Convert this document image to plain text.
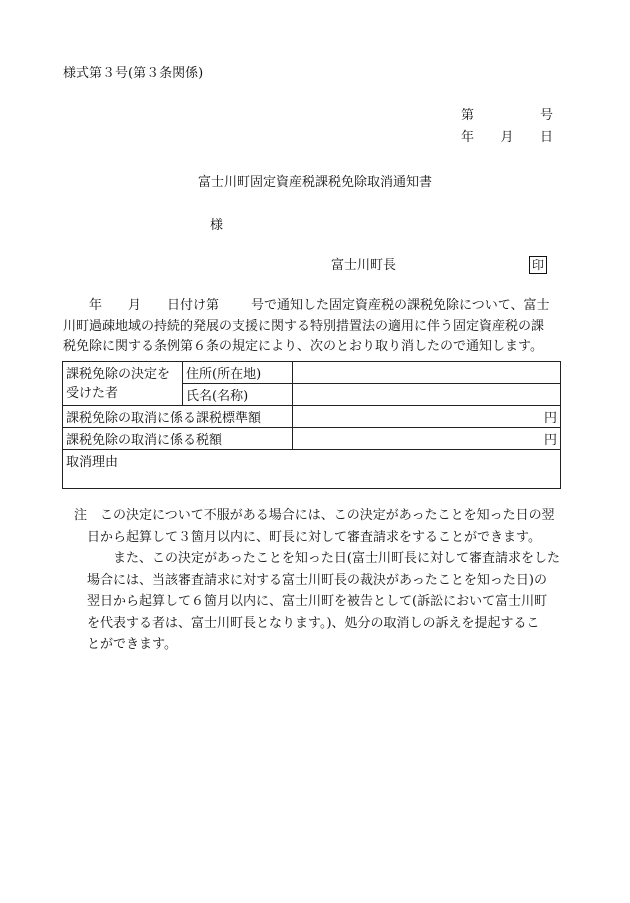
様式第３号(第３条関係)
第	号
年 月 日
富士川町固定資産税課税免除取消通知書
様
富士川町長	印
年 月 日付け第 号で通知した固定資産税の課税免除について、富士
川町過疎地域の持続的発展の支援に関する特別措置法の適用に伴う固定資産税の課
税免除に関する条例第６条の規定により、次のとおり取り消したので通知します。
課税免除の決定を
受けた者	住所(所在地)	
	氏名(名称)	
課税免除の取消に係る課税標準額		円
課税免除の取消に係る税額		円
取消理由		
注　この決定について不服がある場合には、この決定があったことを知った日の翌
日から起算して３箇月以内に、町長に対して審査請求をすることができます。
また、この決定があったことを知った日(富士川町長に対して審査請求をした
場合には、当該審査請求に対する富士川町長の裁決があったことを知った日)の
翌日から起算して６箇月以内に、富士川町を被告として(訴訟において富士川町
を代表する者は、富士川町長となります。)、処分の取消しの訴えを提起するこ
とができます。
